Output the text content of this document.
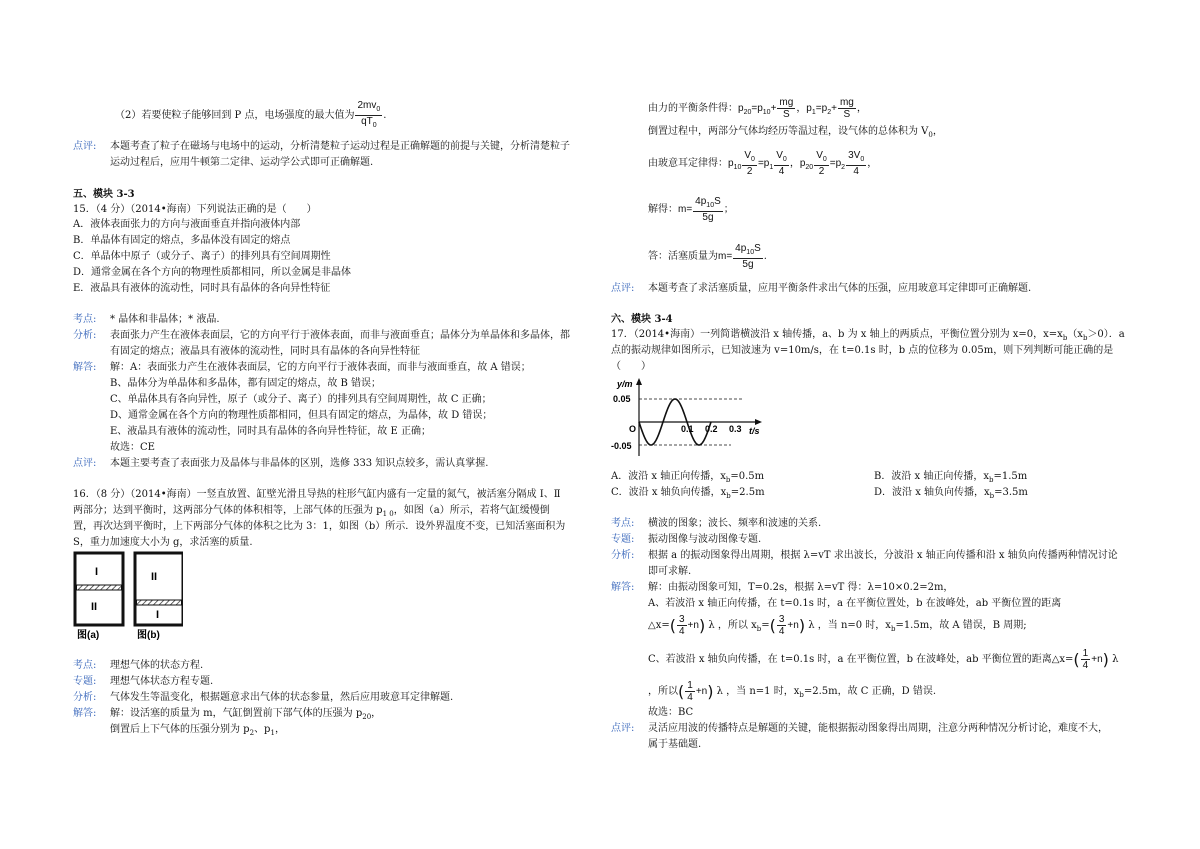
（2）若要使粒子能够回到 P 点，电场强度的最大值为 $\frac{2mv_0}{qT_0}$ .
点评: 本题考查了粒子在磁场与电场中的运动，分析清楚粒子运动过程是正确解题的前提与关键，分析清楚粒子
运动过程后，应用牛顿第二定律、运动学公式即可正确解题.
五、模块 3-3
15．（4 分）（2014•海南）下列说法正确的是（　　）
A．液体表面张力的方向与液面垂直并指向液体内部
B．单晶体有固定的熔点，多晶体没有固定的熔点
C．单晶体中原子（或分子、离子）的排列具有空间周期性
D．通常金属在各个方向的物理性质都相同，所以金属是非晶体
E．液晶具有液体的流动性，同时具有晶体的各向异性特征
考点: * 晶体和非晶体；* 液晶.
分析: 表面张力产生在液体表面层，它的方向平行于液体表面，而非与液面垂直；晶体分为单晶体和多晶体，都
有固定的熔点；液晶具有液体的流动性，同时具有晶体的各向异性特征
解答: 解：A：表面张力产生在液体表面层，它的方向平行于液体表面，而非与液面垂直，故 A 错误；
B、晶体分为单晶体和多晶体，都有固定的熔点，故 B 错误；
C、单晶体具有各向异性，原子（或分子、离子）的排列具有空间周期性，故 C 正确；
D、通常金属在各个方向的物理性质都相同，但具有固定的熔点，为晶体，故 D 错误；
E、液晶具有液体的流动性，同时具有晶体的各向异性特征，故 E 正确；
故选：CE
点评: 本题主要考查了表面张力及晶体与非晶体的区别，选修 3З3 知识点较多，需认真掌握.
16．（8 分）（2014•海南）一竖直放置、缸壁光滑且导热的柱形气缸内盛有一定量的氮气，被活塞分隔成 Ⅰ、Ⅱ
两部分；达到平衡时，这两部分气体的体积相等，上部气体的压强为 $p_{1 0}$，如图（a）所示，若将气缸缓慢倒
置，再次达到平衡时，上下两部分气体的体积之比为 3：1，如图（b）所示．设外界温度不变，已知活塞面积为
S，重力加速度大小为 g，求活塞的质量.
I
II
II
I
图(a)	图(b)
考点: 理想气体的状态方程.
专题: 理想气体状态方程专题.
分析: 气体发生等温变化，根据题意求出气体的状态参量，然后应用玻意耳定律解题.
解答: 解：设活塞的质量为 m，气缸倒置前下部气体的压强为 $p_{20}$，
倒置后上下气体的压强分别为 $p_2$、$p_1$，
由力的平衡条件得：$p_{20}=p_{10}+ \frac{mg}{S}$ ，$p_1=p_2+ \frac{mg}{S}$ ，
倒置过程中，两部分气体均经历等温过程，设气体的总体积为 $V_0$，
由玻意耳定律得：$p_{10} \frac{V_0}{2} =p_1 \frac{V_0}{4}$ ，$p_{20} \frac{V_0}{2} =p_2 \frac{3V_0}{4}$ ，
解得：$m= \frac{4p_{10}S}{5g}$ ；
答：活塞质量为$m= \frac{4p_{10}S}{5g}$ .
点评: 本题考查了求活塞质量，应用平衡条件求出气体的压强，应用玻意耳定律即可正确解题.
六、模块 3-4
17．（2014•海南）一列简谐横波沿 x 轴传播，a、b 为 x 轴上的两质点，平衡位置分别为 x=0，$x=x_b(x_b>0)$．a
点的振动规律如图所示，已知波速为 v=10m/s，在 t=0.1s 时，b 点的位移为 0.05m，则下列判断可能正确的是
（　　）
y/m
t/s
0.05
-0.05
O	0.1 0.2 0.3
A．波沿 x 轴正向传播，$x_b=0.5m$	B．波沿 x 轴正向传播，$x_b=1.5m$
C．波沿 x 轴负向传播，$x_b=2.5m$	D．波沿 x 轴负向传播，$x_b=3.5m$
考点: 横波的图象；波长、频率和波速的关系.
专题: 振动图像与波动图像专题.
分析: 根据 a 的振动图象得出周期，根据 λ=vT 求出波长，分波沿 x 轴正向传播和沿 x 轴负向传播两种情况讨论
即可求解.
解答: 解：由振动图象可知，T=0.2s，根据 λ=vT 得：λ=10×0.2=2m，
A、若波沿 x 轴正向传播，在 t=0.1s 时，a 在平衡位置处，b 在波峰处，ab 平衡位置的距离
△x=( $\frac{3}{4} +n$) λ ，所以 $x_b=( \frac{3}{4} +n)$ λ ，当 n=0 时，$x_b=1.5m$，故 A 错误，B 周期;
C、若波沿 x 轴负向传播，在 t=0.1s 时，a 在平衡位置，b 在波峰处，ab 平衡位置的距离△x=( $\frac{1}{4} +n$) λ
，所以( $\frac{1}{4} +n$) λ ，当 n=1 时，$x_b=2.5m$，故 C 正确，D 错误.
故选：BC
点评: 灵活应用波的传播特点是解题的关键，能根据振动图象得出周期，注意分两种情况分析讨论，难度不大，
属于基础题.
